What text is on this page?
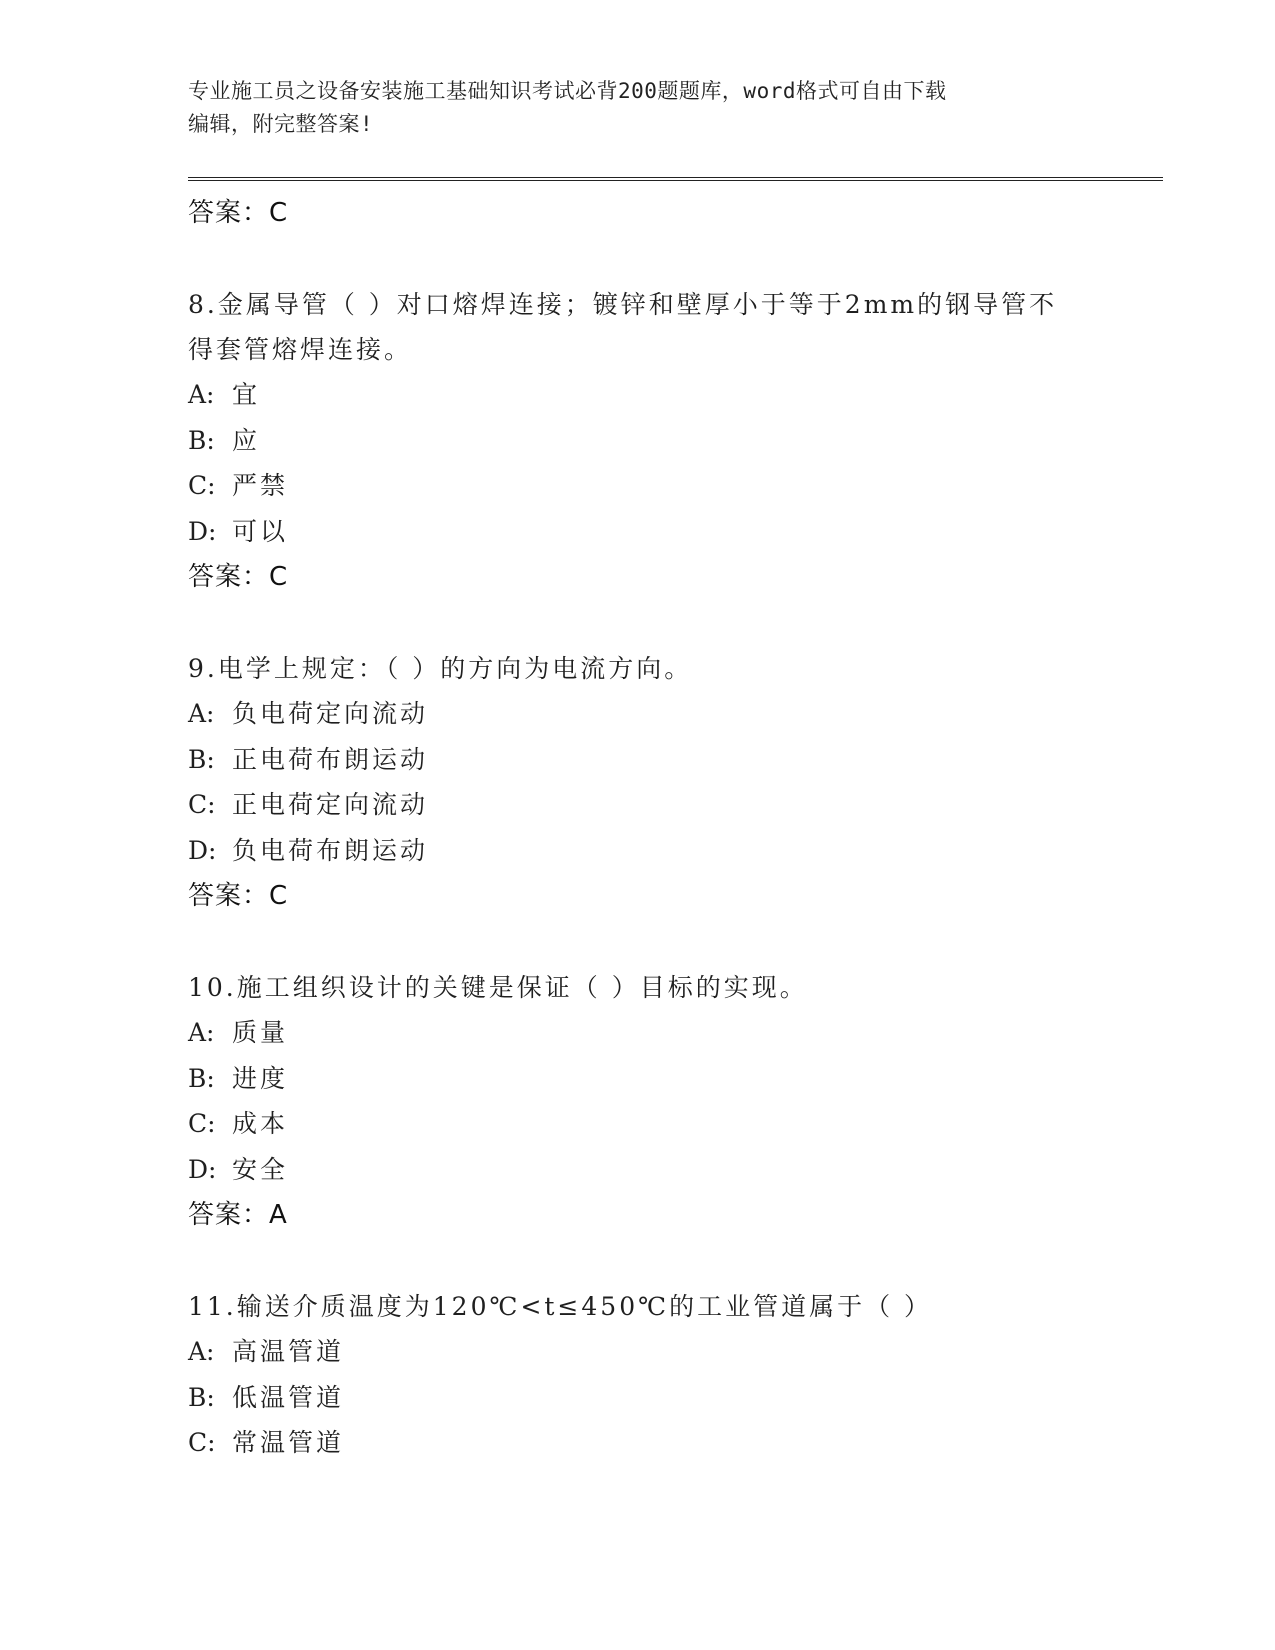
专业施工员之设备安装施工基础知识考试必背200题题库，word格式可自由下载
编辑，附完整答案!
答案：C
8.金属导管（ ）对口熔焊连接；镀锌和壁厚小于等于2mm的钢导管不
得套管熔焊连接。
A: 宜
B: 应
C: 严禁
D: 可以
答案：C
9.电学上规定：（ ）的方向为电流方向。
A: 负电荷定向流动
B: 正电荷布朗运动
C: 正电荷定向流动
D: 负电荷布朗运动
答案：C
10.施工组织设计的关键是保证（ ）目标的实现。
A: 质量
B: 进度
C: 成本
D: 安全
答案：A
11.输送介质温度为120℃<t≤450℃的工业管道属于（ ）
A: 高温管道
B: 低温管道
C: 常温管道
